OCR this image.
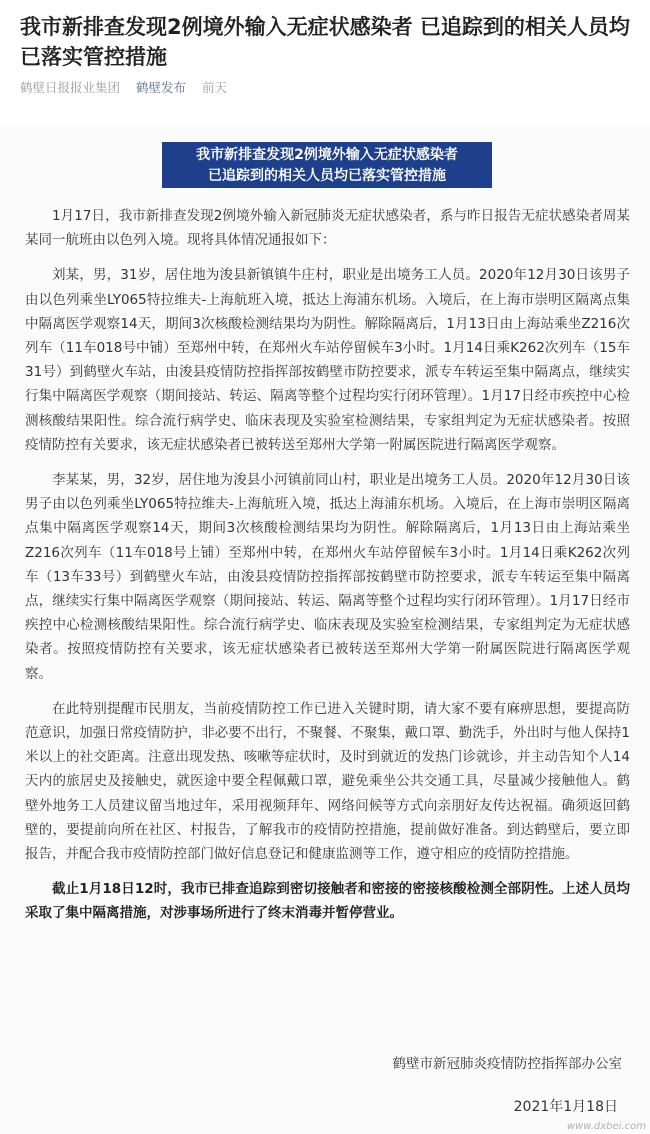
我市新排查发现2例境外输入无症状感染者 已追踪到的相关人员均已落实管控措施
鹤壁日报报业集团 鹤壁发布 前天
我市新排查发现2例境外输入无症状感染者
已追踪到的相关人员均已落实管控措施

1月17日，我市新排查发现2例境外输入新冠肺炎无症状感染者，系与昨日报告无症状感染者周某某同一航班由以色列入境。现将具体情况通报如下：

刘某，男，31岁，居住地为浚县新镇镇牛庄村，职业是出境务工人员。2020年12月30日该男子由以色列乘坐LY065特拉维夫-上海航班入境，抵达上海浦东机场。入境后，在上海市崇明区隔离点集中隔离医学观察14天，期间3次核酸检测结果均为阴性。解除隔离后，1月13日由上海站乘坐Z216次列车（11车018号中铺）至郑州中转，在郑州火车站停留候车3小时。1月14日乘K262次列车（15车31号）到鹤壁火车站，由浚县疫情防控指挥部按鹤壁市防控要求，派专车转运至集中隔离点，继续实行集中隔离医学观察（期间接站、转运、隔离等整个过程均实行闭环管理）。1月17日经市疾控中心检测核酸结果阳性。综合流行病学史、临床表现及实验室检测结果，专家组判定为无症状感染者。按照疫情防控有关要求，该无症状感染者已被转送至郑州大学第一附属医院进行隔离医学观察。

李某某，男，32岁，居住地为浚县小河镇前同山村，职业是出境务工人员。2020年12月30日该男子由以色列乘坐LY065特拉维夫-上海航班入境，抵达上海浦东机场。入境后，在上海市崇明区隔离点集中隔离医学观察14天，期间3次核酸检测结果均为阴性。解除隔离后，1月13日由上海站乘坐Z216次列车（11车018号上铺）至郑州中转，在郑州火车站停留候车3小时。1月14日乘K262次列车（13车33号）到鹤壁火车站，由浚县疫情防控指挥部按鹤壁市防控要求，派专车转运至集中隔离点，继续实行集中隔离医学观察（期间接站、转运、隔离等整个过程均实行闭环管理）。1月17日经市疾控中心检测核酸结果阳性。综合流行病学史、临床表现及实验室检测结果，专家组判定为无症状感染者。按照疫情防控有关要求，该无症状感染者已被转送至郑州大学第一附属医院进行隔离医学观察。

在此特别提醒市民朋友，当前疫情防控工作已进入关键时期，请大家不要有麻痹思想，要提高防范意识，加强日常疫情防护，非必要不出行，不聚餐、不聚集，戴口罩、勤洗手，外出时与他人保持1米以上的社交距离。注意出现发热、咳嗽等症状时，及时到就近的发热门诊就诊，并主动告知个人14天内的旅居史及接触史，就医途中要全程佩戴口罩，避免乘坐公共交通工具，尽量减少接触他人。鹤壁外地务工人员建议留当地过年，采用视频拜年、网络问候等方式向亲朋好友传达祝福。确须返回鹤壁的，要提前向所在社区、村报告，了解我市的疫情防控措施，提前做好准备。到达鹤壁后，要立即报告，并配合我市疫情防控部门做好信息登记和健康监测等工作，遵守相应的疫情防控措施。

截止1月18日12时，我市已排查追踪到密切接触者和密接的密接核酸检测全部阴性。上述人员均采取了集中隔离措施，对涉事场所进行了终末消毒并暂停营业。

鹤壁市新冠肺炎疫情防控指挥部办公室
2021年1月18日
www.dxbei.com
